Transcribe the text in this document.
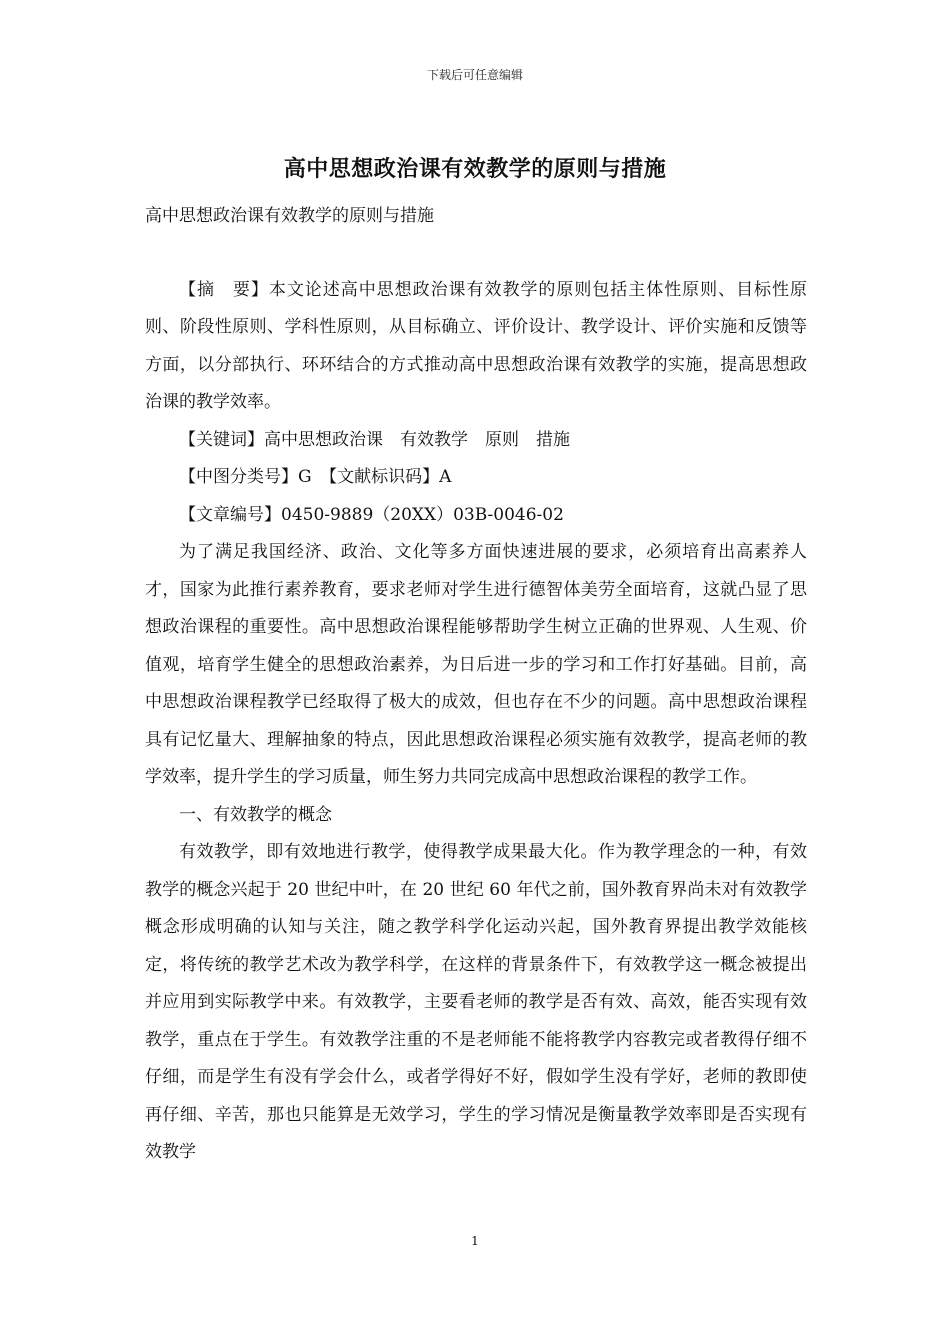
下载后可任意编辑
高中思想政治课有效教学的原则与措施

高中思想政治课有效教学的原则与措施

【摘　要】本文论述高中思想政治课有效教学的原则包括主体性原则、目标性原则、阶段性原则、学科性原则，从目标确立、评价设计、教学设计、评价实施和反馈等方面，以分部执行、环环结合的方式推动高中思想政治课有效教学的实施，提高思想政治课的教学效率。

【关键词】高中思想政治课　有效教学　原则　措施

【中图分类号】G　【文献标识码】A

【文章编号】0450-9889（20XX）03B-0046-02

为了满足我国经济、政治、文化等多方面快速进展的要求，必须培育出高素养人才，国家为此推行素养教育，要求老师对学生进行德智体美劳全面培育，这就凸显了思想政治课程的重要性。高中思想政治课程能够帮助学生树立正确的世界观、人生观、价值观，培育学生健全的思想政治素养，为日后进一步的学习和工作打好基础。目前，高中思想政治课程教学已经取得了极大的成效，但也存在不少的问题。高中思想政治课程具有记忆量大、理解抽象的特点，因此思想政治课程必须实施有效教学，提高老师的教学效率，提升学生的学习质量，师生努力共同完成高中思想政治课程的教学工作。

一、有效教学的概念

有效教学，即有效地进行教学，使得教学成果最大化。作为教学理念的一种，有效教学的概念兴起于 20 世纪中叶，在 20 世纪 60 年代之前，国外教育界尚未对有效教学概念形成明确的认知与关注，随之教学科学化运动兴起，国外教育界提出教学效能核定，将传统的教学艺术改为教学科学，在这样的背景条件下，有效教学这一概念被提出并应用到实际教学中来。有效教学，主要看老师的教学是否有效、高效，能否实现有效教学，重点在于学生。有效教学注重的不是老师能不能将教学内容教完或者教得仔细不仔细，而是学生有没有学会什么，或者学得好不好，假如学生没有学好，老师的教即使再仔细、辛苦，那也只能算是无效学习，学生的学习情况是衡量教学效率即是否实现有效教学

1
